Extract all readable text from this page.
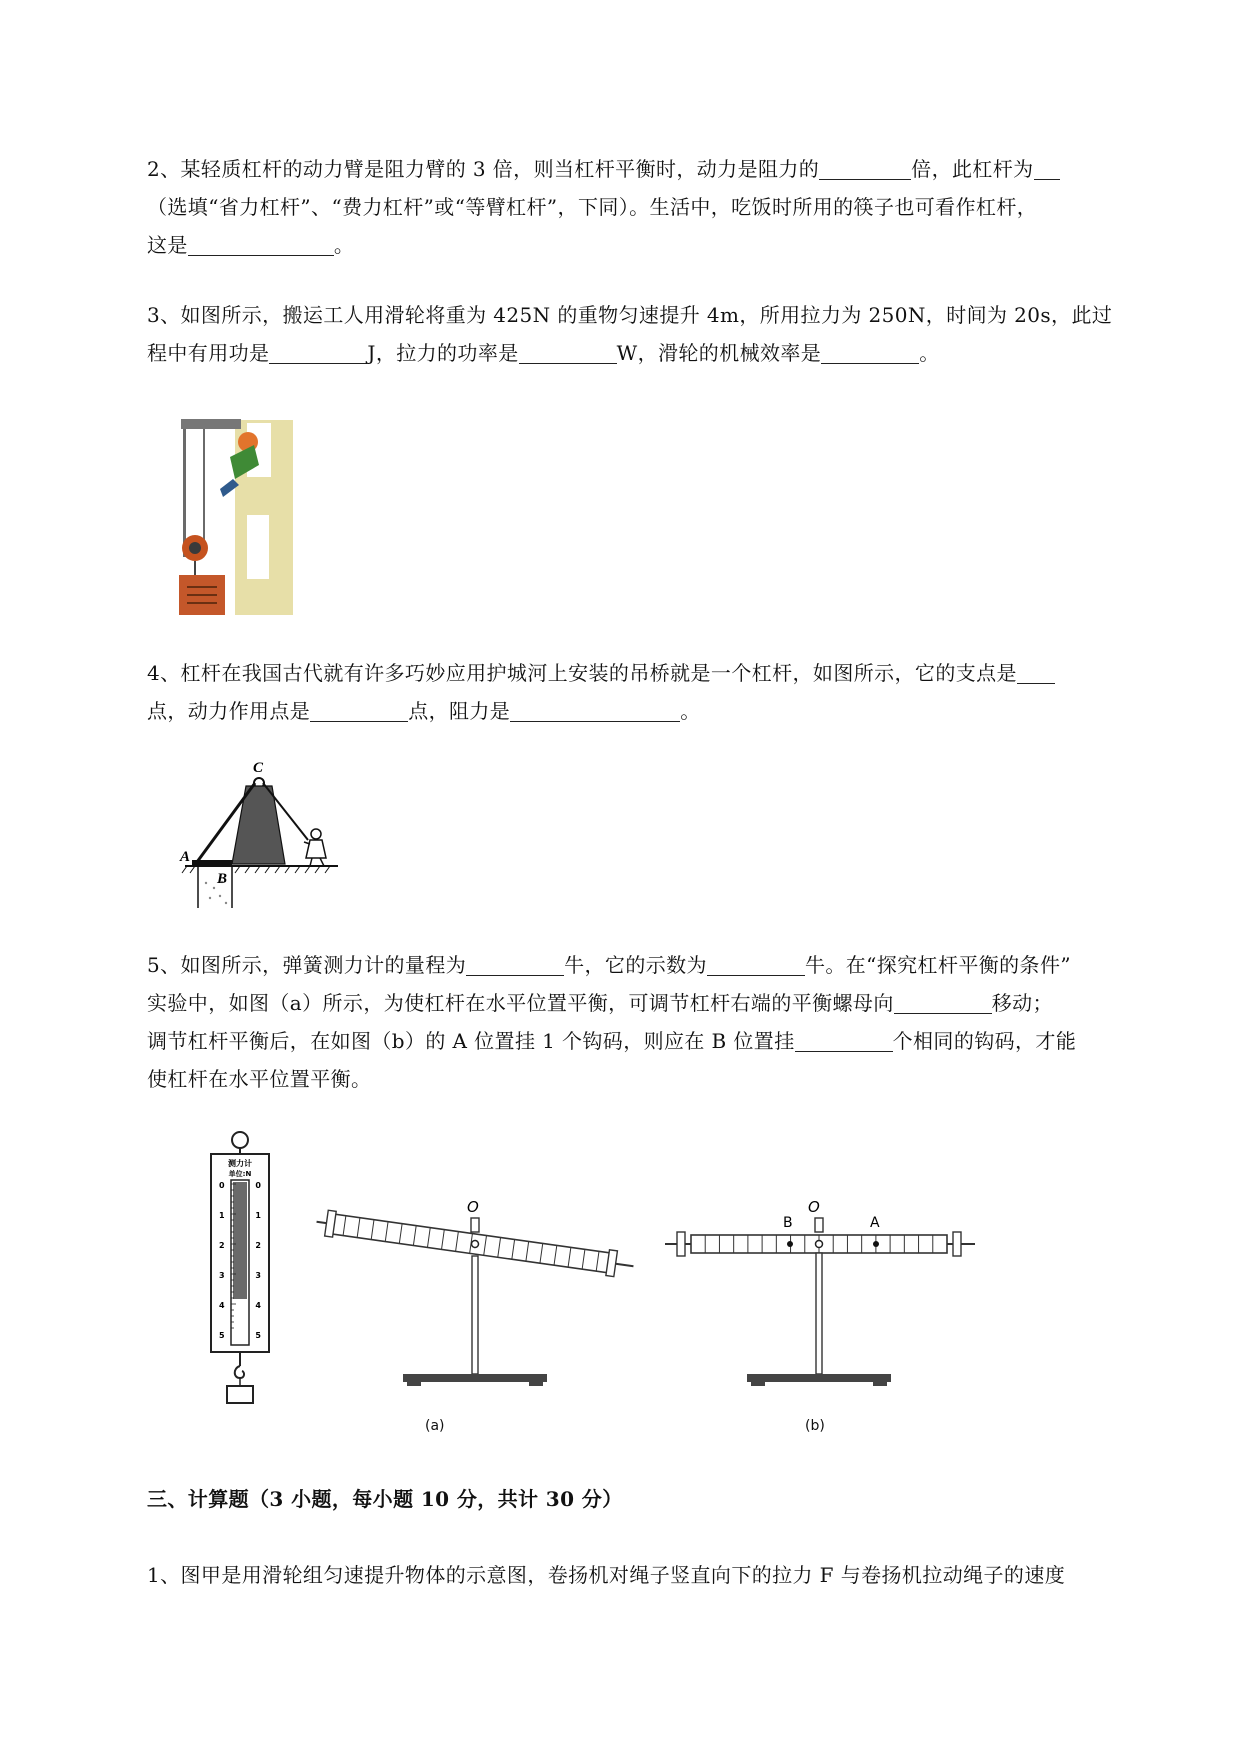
2、某轻质杠杆的动力臂是阻力臂的 3 倍，则当杠杆平衡时，动力是阻力的	倍，此杠杆为
（选填“省力杠杆”、“费力杠杆”或“等臂杠杆”，下同）。生活中，吃饭时所用的筷子也可看作杠杆，
这是	。
3、如图所示，搬运工人用滑轮将重为 425N 的重物匀速提升 4m，所用拉力为 250N，时间为 20s，此过
程中有用功是	J，拉力的功率是	W，滑轮的机械效率是	。
4、杠杆在我国古代就有许多巧妙应用护城河上安装的吊桥就是一个杠杆，如图所示，它的支点是
点，动力作用点是	点，阻力是	。
C
A
B
5、如图所示，弹簧测力计的量程为	牛，它的示数为	牛。在“探究杠杆平衡的条件”
实验中，如图（a）所示，为使杠杆在水平位置平衡，可调节杠杆右端的平衡螺母向	移动；
调节杠杆平衡后，在如图（b）的 A 位置挂 1 个钩码，则应在 B 位置挂	个相同的钩码，才能
使杠杆在水平位置平衡。
测力计
单位:N
0	0
1	1
2	2
3	3
4	4
5	5
O
(a)
O
B	A
(b)
三、计算题（3 小题，每小题 10 分，共计 30 分）
1、图甲是用滑轮组匀速提升物体的示意图，卷扬机对绳子竖直向下的拉力 F 与卷扬机拉动绳子的速度
